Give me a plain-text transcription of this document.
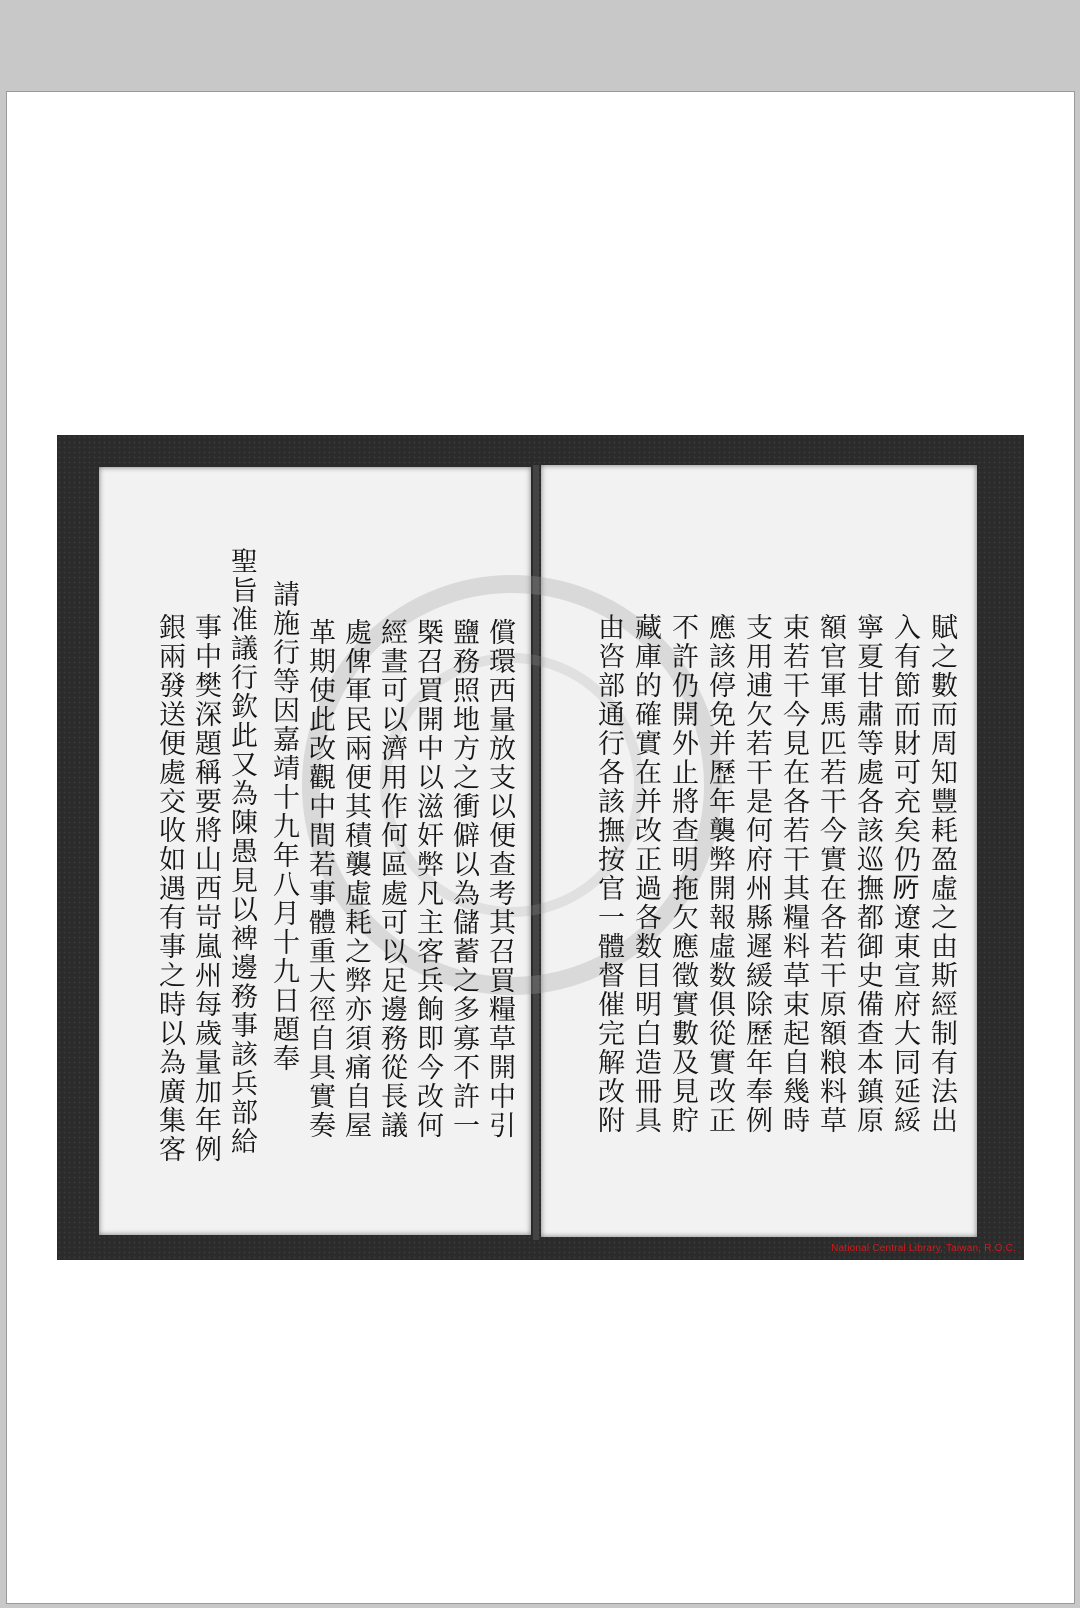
賦之數而周知豐耗盈虛之由斯經制有法出
入有節而財可充矣仍𠩄遼東宣府大同延綏
寧夏甘肅等處各該巡撫都御史備查本鎮原
額官軍馬匹若干今實在各若干原額粮料草
束若干今見在各若干其糧料草束起自幾時
支用逋欠若干是何府州縣遲緩除歷年奉例
應該停免并歷年襲弊開報虛数俱從實改正
不許仍開外止將查明拖欠應徵實數及見貯
藏庫的確實在并改正過各数目明白造冊具
由咨部通行各該撫按官一體督催完解改附
償環西量放支以便查考其召買糧草開中引
鹽務照地方之衝僻以為儲蓄之多寡不許一
槩召買開中以滋奸弊凡主客兵餉即今改何
經晝可以濟用作何區處可以足邊務從長議
處俾軍民兩便其積襲虛耗之弊亦須痛自屋
革期使此改觀中間若事體重大徑自具實奏
請施行等因嘉靖十九年八月十九日題奉
聖旨准議行欽此又為陳愚見以裨邊務事該兵部給
事中樊深題稱要將山西岢嵐州每歲量加年例
銀兩發送便處交收如遇有事之時以為廣集客
National Central Library, Taiwan, R.O.C.
